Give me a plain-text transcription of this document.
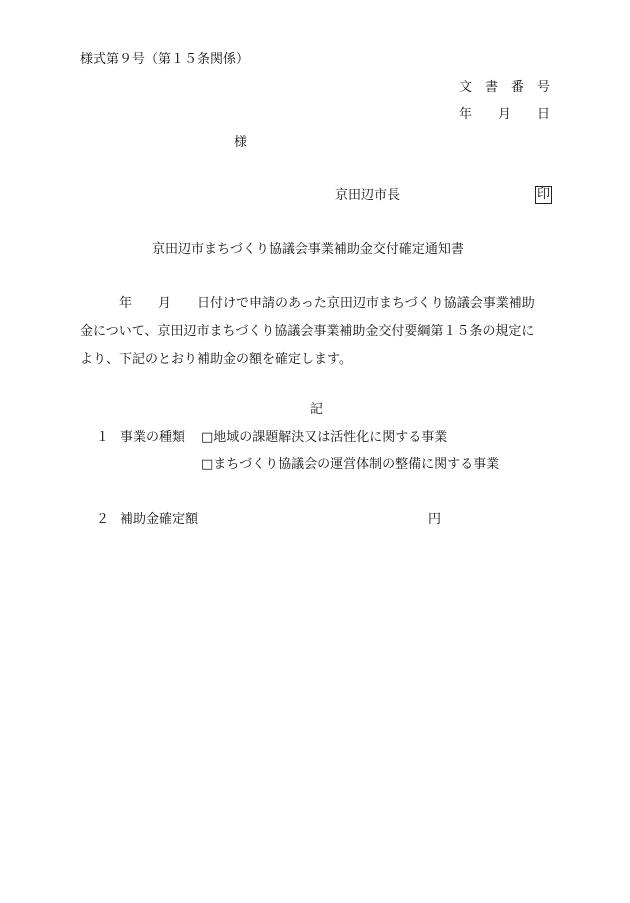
様式第９号（第１５条関係）
文　書　番　号
年　　月　　日
様
京田辺市長	印
京田辺市まちづくり協議会事業補助金交付確定通知書
　　　年　　月　　日付けで申請のあった京田辺市まちづくり協議会事業補助
金について、京田辺市まちづくり協議会事業補助金交付要綱第１５条の規定に
より、下記のとおり補助金の額を確定します。
記
１ 事業の種類 □地域の課題解決又は活性化に関する事業
□まちづくり協議会の運営体制の整備に関する事業
２ 補助金確定額	円
